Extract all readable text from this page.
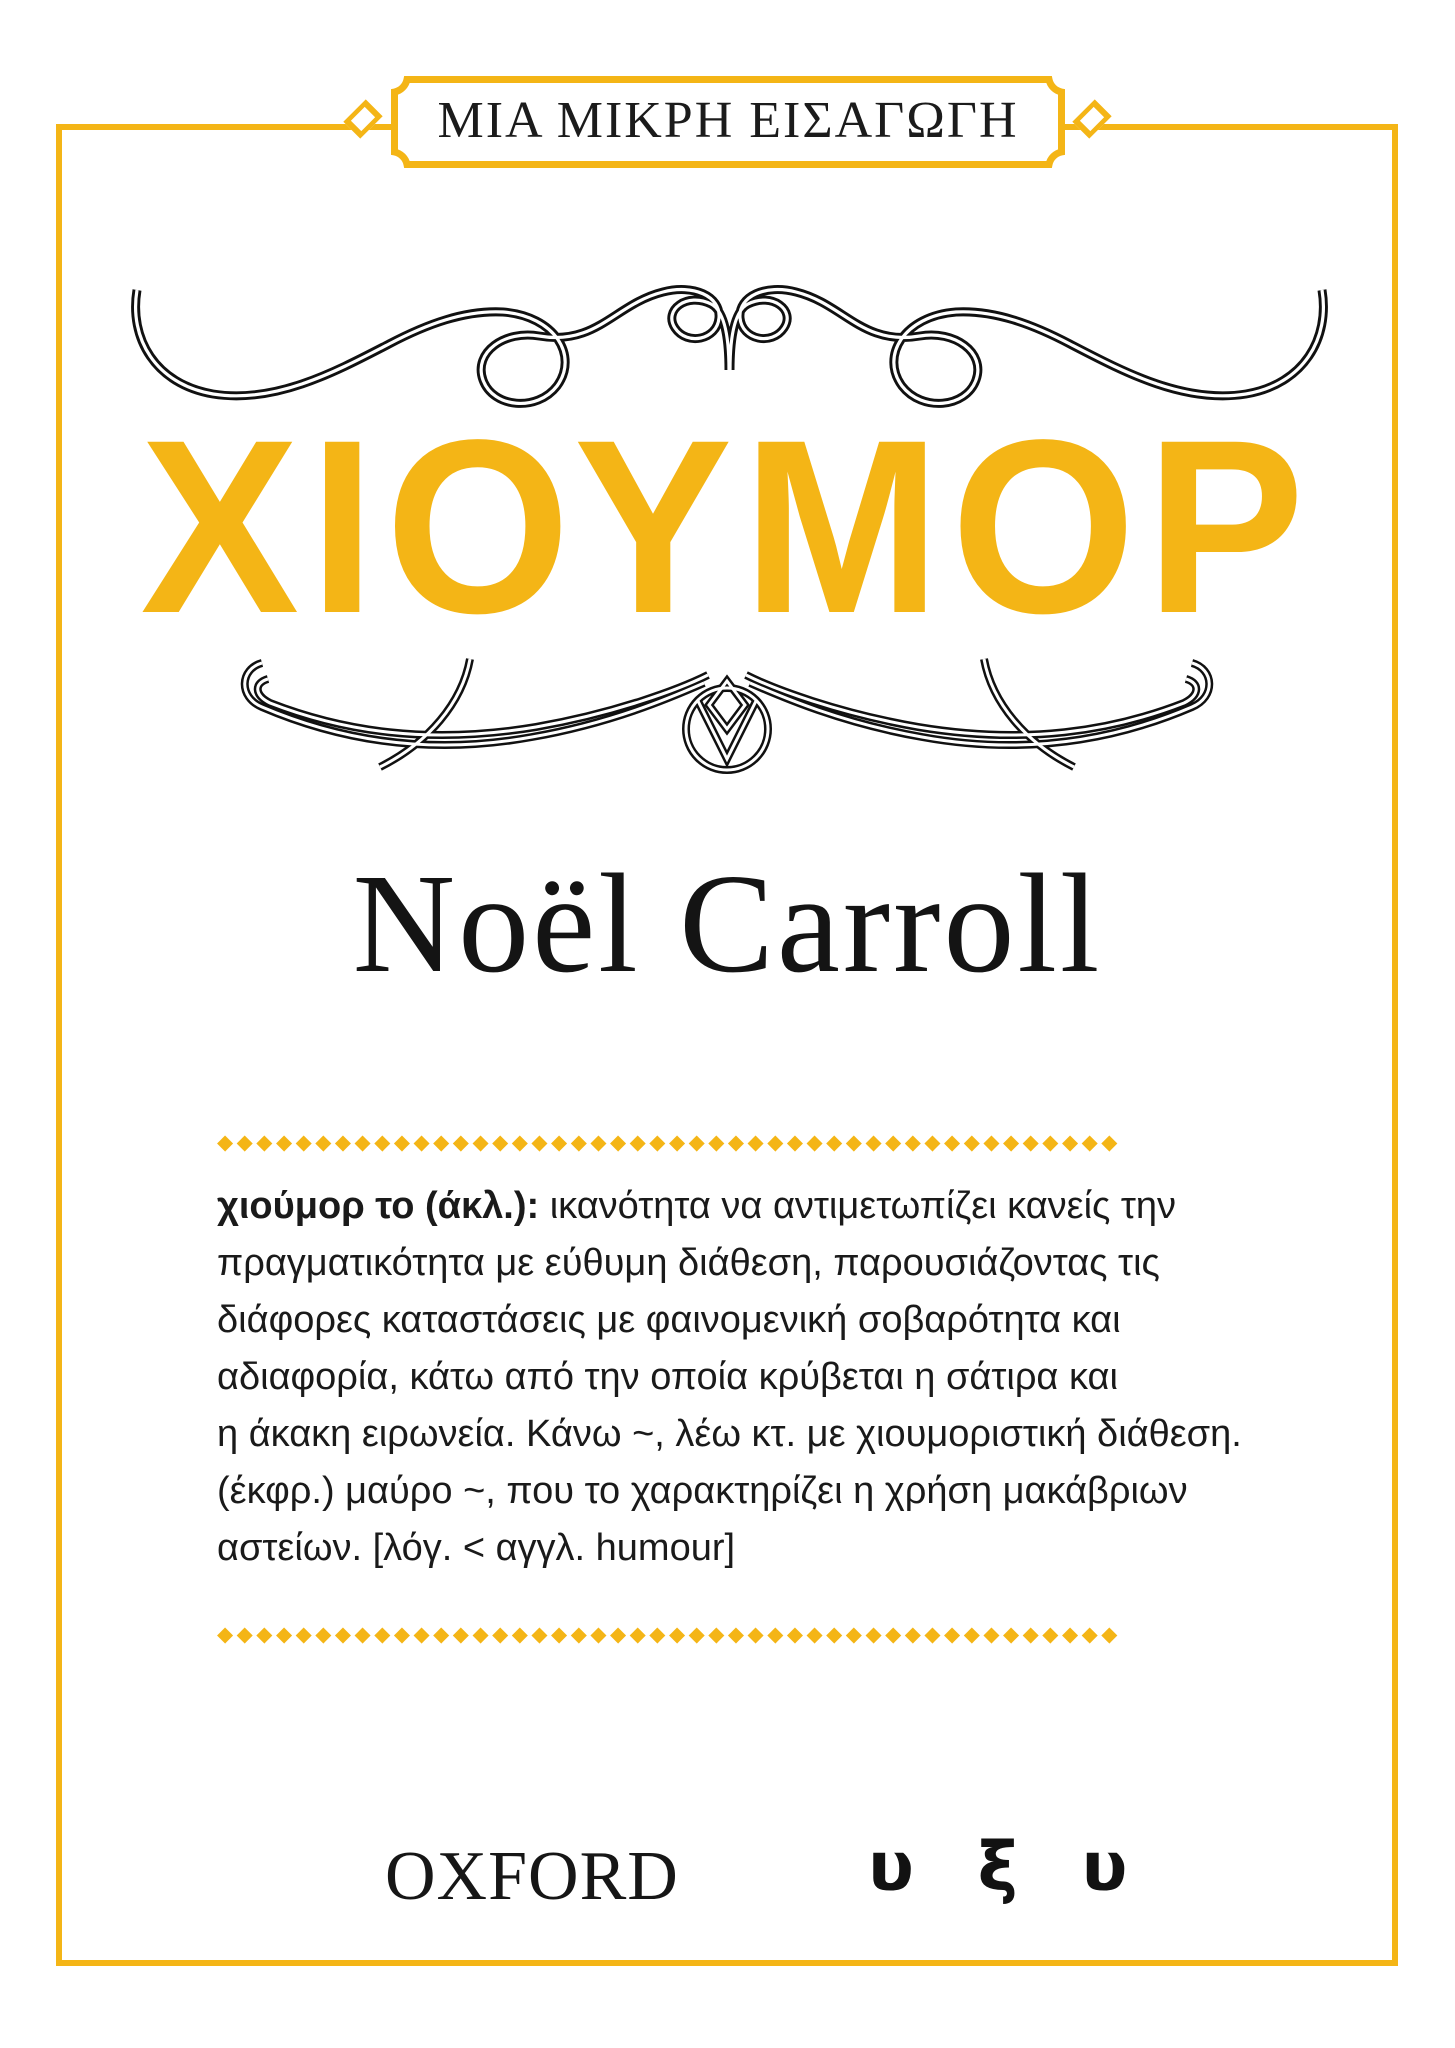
ΜΙΑ ΜΙΚΡΗ ΕΙΣΑΓΩΓΗ
ΧΙΟΥΜΟΡ
Noël Carroll
◆◆◆◆◆◆◆◆◆◆◆◆◆◆◆◆◆◆◆◆◆◆◆◆◆◆◆◆◆◆◆◆◆◆◆◆◆◆◆◆◆◆◆◆◆◆
χιούμορ το (άκλ.): ικανότητα να αντιμετωπίζει κανείς την
πραγματικότητα με εύθυμη διάθεση, παρουσιάζοντας τις
διάφορες καταστάσεις με φαινομενική σοβαρότητα και
αδιαφορία, κάτω από την οποία κρύβεται η σάτιρα και
η άκακη ειρωνεία. Κάνω ~, λέω κτ. με χιουμοριστική διάθεση.
(έκφρ.) μαύρο ~, που το χαρακτηρίζει η χρήση μακάβριων
αστείων. [λόγ. < αγγλ. humour]
◆◆◆◆◆◆◆◆◆◆◆◆◆◆◆◆◆◆◆◆◆◆◆◆◆◆◆◆◆◆◆◆◆◆◆◆◆◆◆◆◆◆◆◆◆◆
OXFORD	υ ξ υ
